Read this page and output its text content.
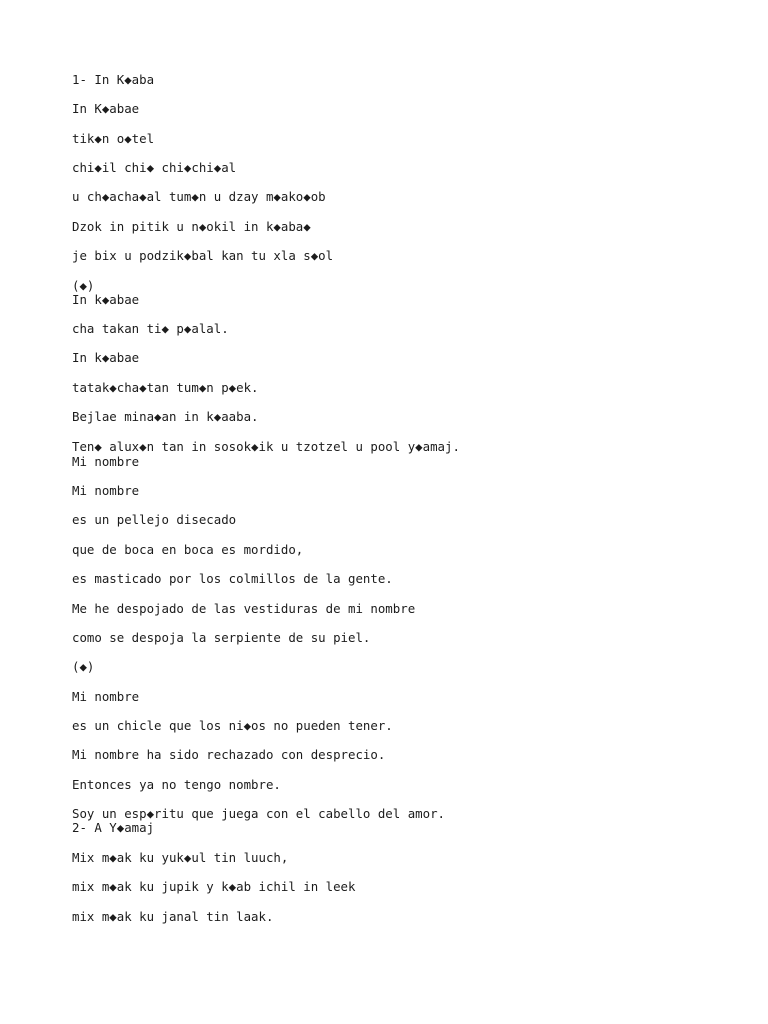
1- In K◆aba

In K◆abae

tik◆n o◆tel

chi◆il chi◆ chi◆chi◆al

u ch◆acha◆al tum◆n u dzay m◆ako◆ob

Dzok in pitik u n◆okil in k◆aba◆

je bix u podzik◆bal kan tu xla s◆ol

(◆)

In k◆abae

cha takan ti◆ p◆alal.

In k◆abae

tatak◆cha◆tan tum◆n p◆ek.

Bejlae mina◆an in k◆aaba.

Ten◆ alux◆n tan in sosok◆ik u tzotzel u pool y◆amaj.

Mi nombre

Mi nombre

es un pellejo disecado

que de boca en boca es mordido,

es masticado por los colmillos de la gente.

Me he despojado de las vestiduras de mi nombre

como se despoja la serpiente de su piel.

(◆)

Mi nombre

es un chicle que los ni◆os no pueden tener.

Mi nombre ha sido rechazado con desprecio.

Entonces ya no tengo nombre.

Soy un esp◆ritu que juega con el cabello del amor.

2- A Y◆amaj

Mix m◆ak ku yuk◆ul tin luuch,

mix m◆ak ku jupik y k◆ab ichil in leek

mix m◆ak ku janal tin laak.
